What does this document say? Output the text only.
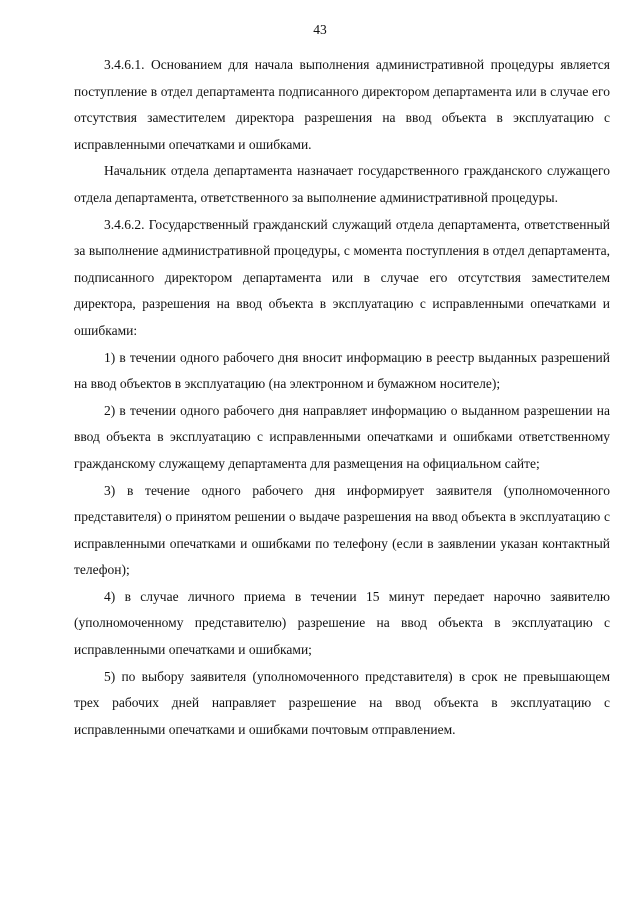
43

3.4.6.1. Основанием для начала выполнения административной процедуры является поступление в отдел департамента подписанного директором департамента или в случае его отсутствия заместителем директора разрешения на ввод объекта в эксплуатацию с исправленными опечатками и ошибками.

Начальник отдела департамента назначает государственного гражданского служащего отдела департамента, ответственного за выполнение административной процедуры.

3.4.6.2. Государственный гражданский служащий отдела департамента, ответственный за выполнение административной процедуры, с момента поступления в отдел департамента, подписанного директором департамента или в случае его отсутствия заместителем директора, разрешения на ввод объекта в эксплуатацию с исправленными опечатками и ошибками:

1) в течении одного рабочего дня вносит информацию в реестр выданных разрешений на ввод объектов в эксплуатацию (на электронном и бумажном носителе);

2) в течении одного рабочего дня направляет информацию о выданном разрешении на ввод объекта в эксплуатацию с исправленными опечатками и ошибками ответственному гражданскому служащему департамента для размещения на официальном сайте;

3) в течение одного рабочего дня информирует заявителя (уполномоченного представителя) о принятом решении о выдаче разрешения на ввод объекта в эксплуатацию с исправленными опечатками и ошибками по телефону (если в заявлении указан контактный телефон);

4) в случае личного приема в течении 15 минут передает нарочно заявителю (уполномоченному представителю) разрешение на ввод объекта в эксплуатацию с исправленными опечатками и ошибками;

5) по выбору заявителя (уполномоченного представителя) в срок не превышающем трех рабочих дней направляет разрешение на ввод объекта в эксплуатацию с исправленными опечатками и ошибками почтовым отправлением.
